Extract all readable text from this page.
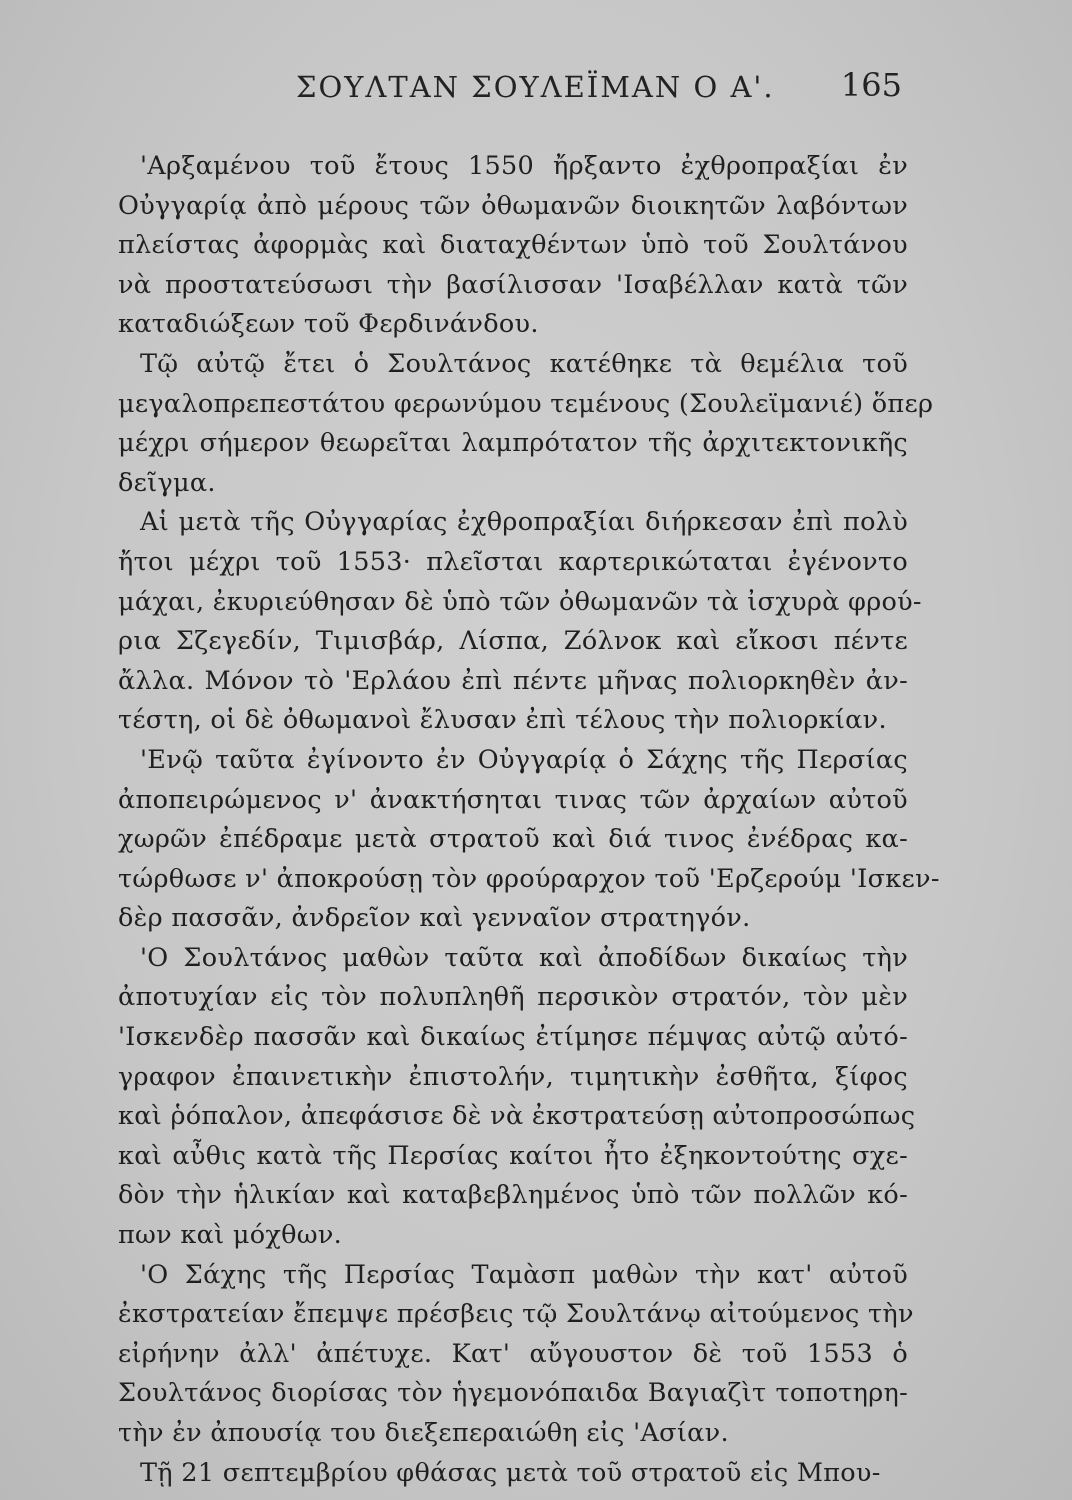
ΣΟΥΛΤΑΝ ΣΟΥΛΕΪΜΑΝ Ο Α'. 165
'Αρξαμένου τοῦ ἔτους 1550 ἤρξαντο ἐχθροπραξίαι ἐν
Οὐγγαρίᾳ ἀπὸ μέρους τῶν ὀθωμανῶν διοικητῶν λαβόντων
πλείστας ἀφορμὰς καὶ διαταχθέντων ὑπὸ τοῦ Σουλτάνου
νὰ προστατεύσωσι τὴν βασίλισσαν 'Ισαβέλλαν κατὰ τῶν
καταδιώξεων τοῦ Φερδινάνδου.
Τῷ αὐτῷ ἔτει ὁ Σουλτάνος κατέθηκε τὰ θεμέλια τοῦ
μεγαλοπρεπεστάτου φερωνύμου τεμένους (Σουλεϊμανιέ) ὅπερ
μέχρι σήμερον θεωρεῖται λαμπρότατον τῆς ἀρχιτεκτονικῆς
δεῖγμα.
Αἱ μετὰ τῆς Οὐγγαρίας ἐχθροπραξίαι διήρκεσαν ἐπὶ πολὺ
ἤτοι μέχρι τοῦ 1553· πλεῖσται καρτερικώταται ἐγένοντο
μάχαι, ἐκυριεύθησαν δὲ ὑπὸ τῶν ὀθωμανῶν τὰ ἰσχυρὰ φρού-
ρια Σζεγεδίν, Τιμισβάρ, Λίσπα, Ζόλνοκ καὶ εἴκοσι πέντε
ἄλλα. Μόνον τὸ 'Ερλάου ἐπὶ πέντε μῆνας πολιορκηθὲν ἀν-
τέστη, οἱ δὲ ὀθωμανοὶ ἔλυσαν ἐπὶ τέλους τὴν πολιορκίαν.
'Ενῷ ταῦτα ἐγίνοντο ἐν Οὐγγαρίᾳ ὁ Σάχης τῆς Περσίας
ἀποπειρώμενος ν' ἀνακτήσηται τινας τῶν ἀρχαίων αὐτοῦ
χωρῶν ἐπέδραμε μετὰ στρατοῦ καὶ διά τινος ἐνέδρας κα-
τώρθωσε ν' ἀποκρούσῃ τὸν φρούραρχον τοῦ 'Ερζερούμ 'Ισκεν-
δὲρ πασσᾶν, ἀνδρεῖον καὶ γενναῖον στρατηγόν.
'Ο Σουλτάνος μαθὼν ταῦτα καὶ ἀποδίδων δικαίως τὴν
ἀποτυχίαν εἰς τὸν πολυπληθῆ περσικὸν στρατόν, τὸν μὲν
'Ισκενδὲρ πασσᾶν καὶ δικαίως ἐτίμησε πέμψας αὐτῷ αὐτό-
γραφον ἐπαινετικὴν ἐπιστολήν, τιμητικὴν ἐσθῆτα, ξίφος
καὶ ῥόπαλον, ἀπεφάσισε δὲ νὰ ἐκστρατεύσῃ αὐτοπροσώπως
καὶ αὖθις κατὰ τῆς Περσίας καίτοι ἦτο ἐξηκοντούτης σχε-
δὸν τὴν ἡλικίαν καὶ καταβεβλημένος ὑπὸ τῶν πολλῶν κό-
πων καὶ μόχθων.
'Ο Σάχης τῆς Περσίας Ταμὰσπ μαθὼν τὴν κατ' αὐτοῦ
ἐκστρατείαν ἔπεμψε πρέσβεις τῷ Σουλτάνῳ αἰτούμενος τὴν
εἰρήνην ἀλλ' ἀπέτυχε. Κατ' αὔγουστον δὲ τοῦ 1553 ὁ
Σουλτάνος διορίσας τὸν ἡγεμονόπαιδα Βαγιαζὶτ τοποτηρη-
τὴν ἐν ἀπουσίᾳ του διεξεπεραιώθη εἰς 'Ασίαν.
Τῇ 21 σεπτεμβρίου φθάσας μετὰ τοῦ στρατοῦ εἰς Μπου-
